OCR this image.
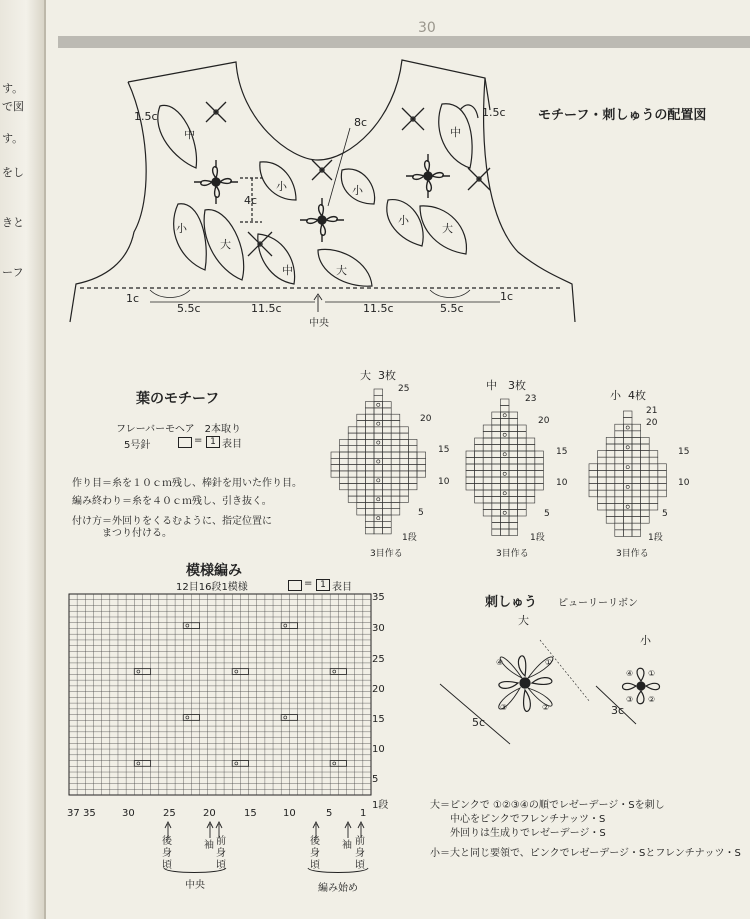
す。
で図
す。
をし
きと
ーフ
30
モチーフ・刺しゅうの配置図
1.5c	1.5c
8c
4c
1c	1c
5.5c	11.5c	11.5c	5.5c
中央
中
小
大
小	小
中	大
小
大
中
葉のモチーフ
フレーバーモヘア　2本取り
5号針	= 1 表目
作り目＝糸を１０ｃｍ残し、棒針を用いた作り目。
編み終わり＝糸を４０ｃｍ残し、引き抜く。
付け方＝外回りをくるむように、指定位置に
　　　まつり付ける。
大 3枚
25
20
15
10
5
1段
3目作る
中 3枚
23
20
15
10
5
1段
3目作る
小 4枚
21
20
15
10
5
1段
3目作る
模様編み
12目16段1模様	= 1 表目
35
30
25
20
15
10
5
1段
37 35	30	25	20	15	10	5	1
後
身
頃
袖 前
身
頃
後
身
頃
袖 前
身
頃
中央	編み始め
刺しゅう ピューリーリボン
大
小
④	①
③	②
④ ①
③ ②
5c
3c
大＝ピンクで ①②③④の順でレゼーデージ・Sを刺し
　　中心をピンクでフレンチナッツ・S
　　外回りは生成りでレゼーデージ・S
小＝大と同じ要領で、ピンクでレゼーデージ・Sとフレンチナッツ・S
